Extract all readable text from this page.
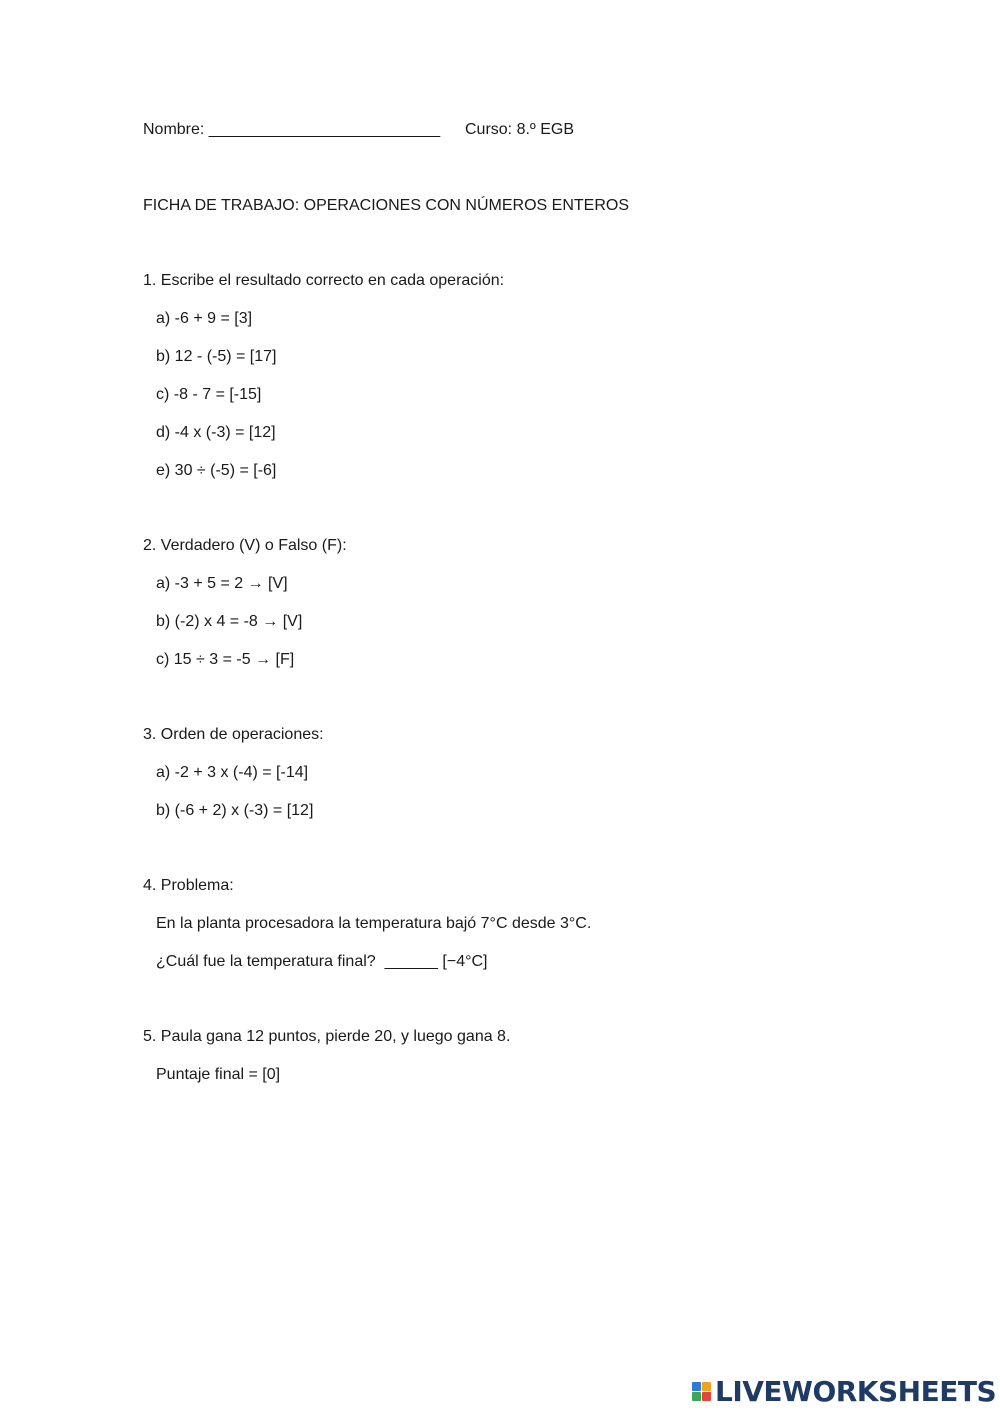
Nombre: __________________________ Curso: 8.º EGB
FICHA DE TRABAJO: OPERACIONES CON NÚMEROS ENTEROS
1. Escribe el resultado correcto en cada operación:
a) -6 + 9 = [3]
b) 12 - (-5) = [17]
c) -8 - 7 = [-15]
d) -4 x (-3) = [12]
e) 30 ÷ (-5) = [-6]
2. Verdadero (V) o Falso (F):
a) -3 + 5 = 2 → [V]
b) (-2) x 4 = -8 → [V]
c) 15 ÷ 3 = -5 → [F]
3. Orden de operaciones:
a) -2 + 3 x (-4) = [-14]
b) (-6 + 2) x (-3) = [12]
4. Problema:
En la planta procesadora la temperatura bajó 7°C desde 3°C.
¿Cuál fue la temperatura final?  ______ [−4°C]
5. Paula gana 12 puntos, pierde 20, y luego gana 8.
Puntaje final = [0]
LIVEWORKSHEETS
